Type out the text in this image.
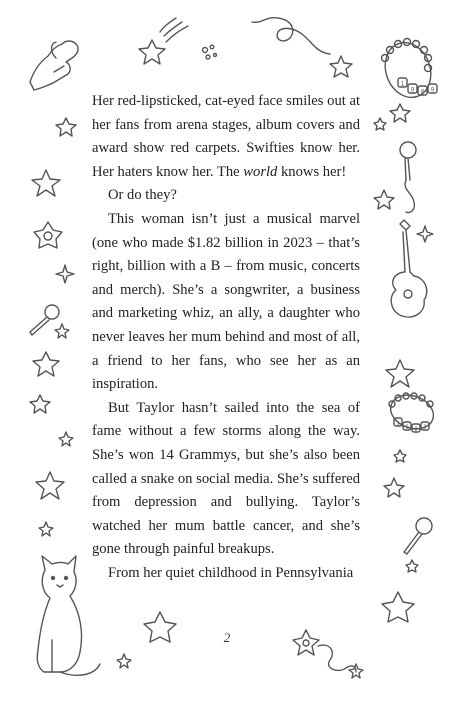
1
9 8 9
1
9 8 9

Her red-lipsticked, cat-eyed face smiles out at her fans from arena stages, album covers and award show red carpets. Swifties know her. Her haters know her. The world knows her!

Or do they?

This woman isn’t just a musical marvel (one who made $1.82 billion in 2023 – that’s right, billion with a B – from music, concerts and merch). She’s a songwriter, a business and marketing whiz, an ally, a daughter who never leaves her mum behind and most of all, a friend to her fans, who see her as an inspiration.

But Taylor hasn’t sailed into the sea of fame without a few storms along the way. She’s won 14 Grammys, but she’s also been called a snake on social media. She’s suffered from depression and bullying. Taylor’s watched her mum battle cancer, and she’s gone through painful breakups.

From her quiet childhood in Pennsylvania

2
